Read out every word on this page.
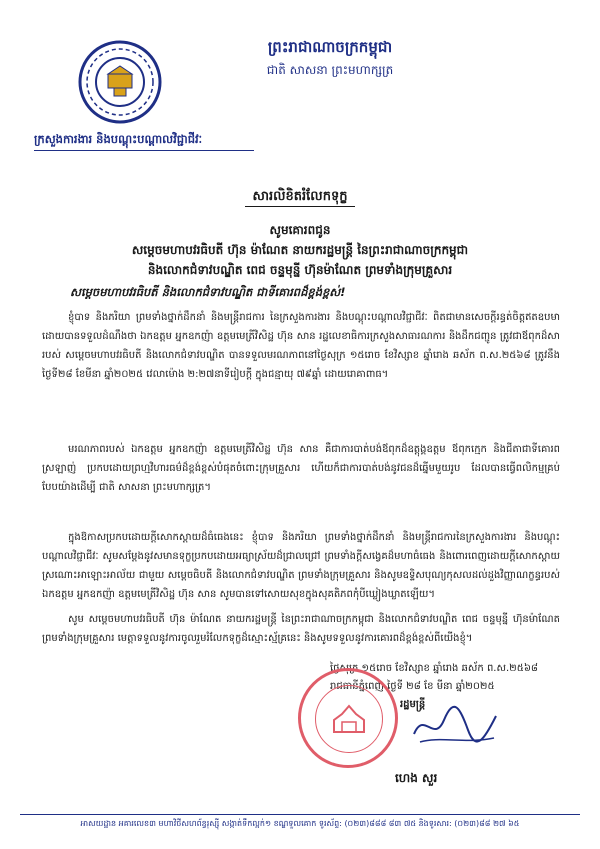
ព្រះរាជាណាចក្រកម្ពុជា
ជាតិ សាសនា ព្រះមហាក្សត្រ
ក្រសួងការងារ និងបណ្ដុះបណ្ដាលវិជ្ជាជីវៈ
សារលិខិតរំលែកទុក្ខ
សូមគោរពជូន
សម្ដេចមហាបវរធិបតី ហ៊ុន ម៉ាណែត នាយករដ្ឋមន្ត្រី នៃព្រះរាជាណាចក្រកម្ពុជា
និងលោកជំទាវបណ្ឌិត ពេជ ចន្ទមុន្នី ហ៊ុនម៉ាណែត ព្រមទាំងក្រុមគ្រួសារ
សម្ដេចមហាបវរធិបតី និងលោកជំទាវបណ្ឌិត ជាទីគោរពដ៏ខ្ពង់ខ្ពស់!
ខ្ញុំបាទ និងភរិយា ព្រមទាំងថ្នាក់ដឹកនាំ និងមន្ត្រីរាជការ នៃក្រសួងការងារ និងបណ្ដុះបណ្ដាលវិជ្ជាជីវៈ ពិតជាមានសេចក្ដីរន្ធត់ចិត្តឥតឧបមាដោយបានទទួលដំណឹងថា ឯកឧត្តម អ្នកឧកញ៉ា ឧត្តមមេត្រីវិសិដ្ឋ ហ៊ុន សាន រដ្ឋលេខាធិការក្រសួងសាធារណការ និងដឹកជញ្ជូន ត្រូវជាឪពុកដ៏សារបស់ សម្ដេចមហាបវរធិបតី និងលោកជំទាវបណ្ឌិត បានទទួលមរណភាពនៅថ្ងៃសុក្រ ១៥រោច ខែវិស្សាខ ឆ្នាំរោង ឆស័ក ព.ស.២៥៦៨ ត្រូវនឹងថ្ងៃទី២៨ ខែមីនា ឆ្នាំ២០២៥ វេលាម៉ោង ២:២៧នាទីរៀបក្ដី ក្នុងជន្មាយុ ៧៩ឆ្នាំ ដោយរោគាពាធ។
មរណភាពរបស់ ឯកឧត្តម អ្នកឧកញ៉ា ឧត្តមមេត្រីវិសិដ្ឋ ហ៊ុន សាន គឺជាការបាត់បង់ឪពុកដ៏ឧត្ដុង្គឧត្ដម ឪពុកក្មេក និងជីតាជាទីគោរពស្រឡាញ់ ប្រកបដោយព្រហ្មវិហារធម៌ដ៏ខ្ពង់ខ្ពស់បំផុតចំពោះក្រុមគ្រួសារ ហើយក៏ជាការបាត់បង់នូវជនដ៏ឆ្នើមមួយរូប ដែលបានធ្វើពលិកម្មគ្រប់បែបយ៉ាងដើម្បី ជាតិ សាសនា ព្រះមហាក្សត្រ។
ក្នុងឱកាសប្រកបដោយក្ដីសោកស្ដាយដ៏ធំធេងនេះ ខ្ញុំបាទ និងភរិយា ព្រមទាំងថ្នាក់ដឹកនាំ និងមន្ត្រីរាជការនៃក្រសួងការងារ និងបណ្ដុះបណ្ដាលវិជ្ជាជីវៈ សូមសម្ដែងនូវសមានទុក្ខប្រកបដោយអធ្យាស្រ័យដ៏ជ្រាលជ្រៅ ព្រមទាំងក្ដីសង្វេគដ៏មហាធំធេង និងពោរពេញដោយក្ដីសោកស្ដាយស្រណោះអាឡោះអាល័យ ជាមួយ សម្ដេចធិបតី និងលោកជំទាវបណ្ឌិត ព្រមទាំងក្រុមគ្រួសារ និងសូមឧទ្ទិសបុណ្យកុសលដល់ដួងវិញ្ញាណក្ខន្ធរបស់ ឯកឧត្តម អ្នកឧកញ៉ា ឧត្តមមេត្រីវិសិដ្ឋ ហ៊ុន សាន សូមបានទៅសោយសុខក្នុងសុគតិភពកុំបីឃ្លៀងឃ្លាតឡើយ។
សូម សម្ដេចមហាបវរធិបតី ហ៊ុន ម៉ាណែត នាយករដ្ឋមន្ត្រី នៃព្រះរាជាណាចក្រកម្ពុជា និងលោកជំទាវបណ្ឌិត ពេជ ចន្ទមុន្នី ហ៊ុនម៉ាណែត ព្រមទាំងក្រុមគ្រួសារ មេត្តាទទួលនូវការចូលរួមរំលែកទុក្ខដ៏ស្មោះស្ម័គ្រនេះ និងសូមទទួលនូវការគោរពដ៏ខ្ពង់ខ្ពស់ពីយើងខ្ញុំ។
ថ្ងៃសុក្រ ១៥រោច ខែវិស្សាខ ឆ្នាំរោង ឆស័ក ព.ស.២៥៦៨
រាជធានីភ្នំពេញ ថ្ងៃទី ២៨ ខែ មីនា ឆ្នាំ២០២៥
រដ្ឋមន្ត្រី
ហេង សួរ
អាសយដ្ឋាន អគារលេខ៣ មហាវិថីសហព័ន្ធរុស្ស៊ី សង្កាត់ទឹកល្អក់១ ខណ្ឌទួលគោក ទូរស័ព្ទ: (០២៣)៨៨៨ ៨៣ ៧៥ និងទូរសារ: (០២៣)៨៨ ២៧ ៦៥
